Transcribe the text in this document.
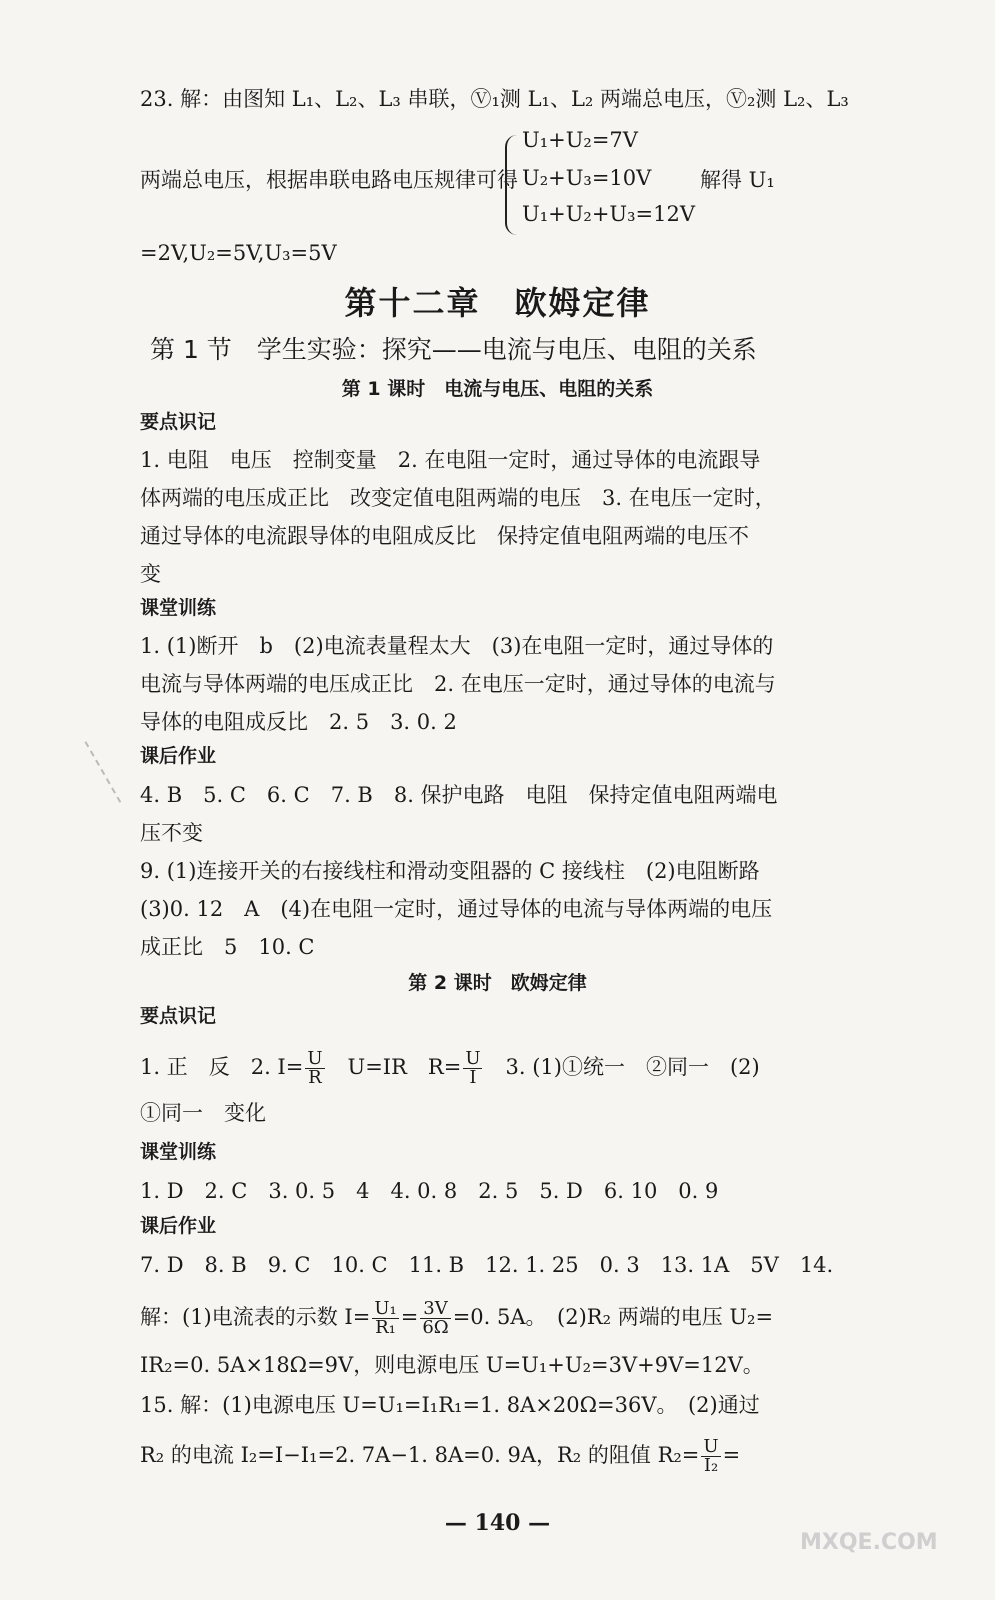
23. 解：由图知 L₁、L₂、L₃ 串联，Ⓥ₁测 L₁、L₂ 两端总电压，Ⓥ₂测 L₂、L₃
两端总电压，根据串联电路电压规律可得
U₁+U₂=7V
U₂+U₃=10V
U₁+U₂+U₃=12V
解得 U₁
=2V,U₂=5V,U₃=5V
第十二章　欧姆定律
第 1 节　学生实验：探究——电流与电压、电阻的关系
第 1 课时　电流与电压、电阻的关系
要点识记
1. 电阻　电压　控制变量　2. 在电阻一定时，通过导体的电流跟导
体两端的电压成正比　改变定值电阻两端的电压　3. 在电压一定时，
通过导体的电流跟导体的电阻成反比　保持定值电阻两端的电压不
变
课堂训练
1. (1)断开　b　(2)电流表量程太大　(3)在电阻一定时，通过导体的
电流与导体两端的电压成正比　2. 在电压一定时，通过导体的电流与
导体的电阻成反比　2. 5　3. 0. 2
课后作业
4. B　5. C　6. C　7. B　8. 保护电路　电阻　保持定值电阻两端电
压不变
9. (1)连接开关的右接线柱和滑动变阻器的 C 接线柱　(2)电阻断路
(3)0. 12　A　(4)在电阻一定时，通过导体的电流与导体两端的电压
成正比　5　10. C
第 2 课时　欧姆定律
要点识记
1. 正　反　2. $I= \frac{U}{R}$
　 U=IR　$R= \frac{U}{I}$
　 3. (1)①统一　②同一　(2)
①同一　变化
课堂训练
1. D　2. C　3. 0. 5　4　4. 0. 8　2. 5　5. D　6. 10　0. 9
课后作业
7. D　8. B　9. C　10. C　11. B　12. 1. 25　0. 3　13. 1A　5V　14.
解：(1)电流表的示数 $I= \frac{\text{U₁}}{\text{R₁}} = \frac{3V}{6\Omega} =0$. 5A。　(2)R₂ 两端的电压 U₂=
IR₂=0. 5A×18Ω=9V，则电源电压 U=U₁+U₂=3V+9V=12V。
15. 解：(1)电源电压 U=U₁=I₁R₁=1. 8A×20Ω=36V。　(2)通过
R₂ 的电流 I₂=I−I₁=2. 7A−1. 8A=0. 9A，R₂ 的阻值 $R_2= \frac{U}{\text{I₂}}$ =
— 140 —
MXQE.COM
